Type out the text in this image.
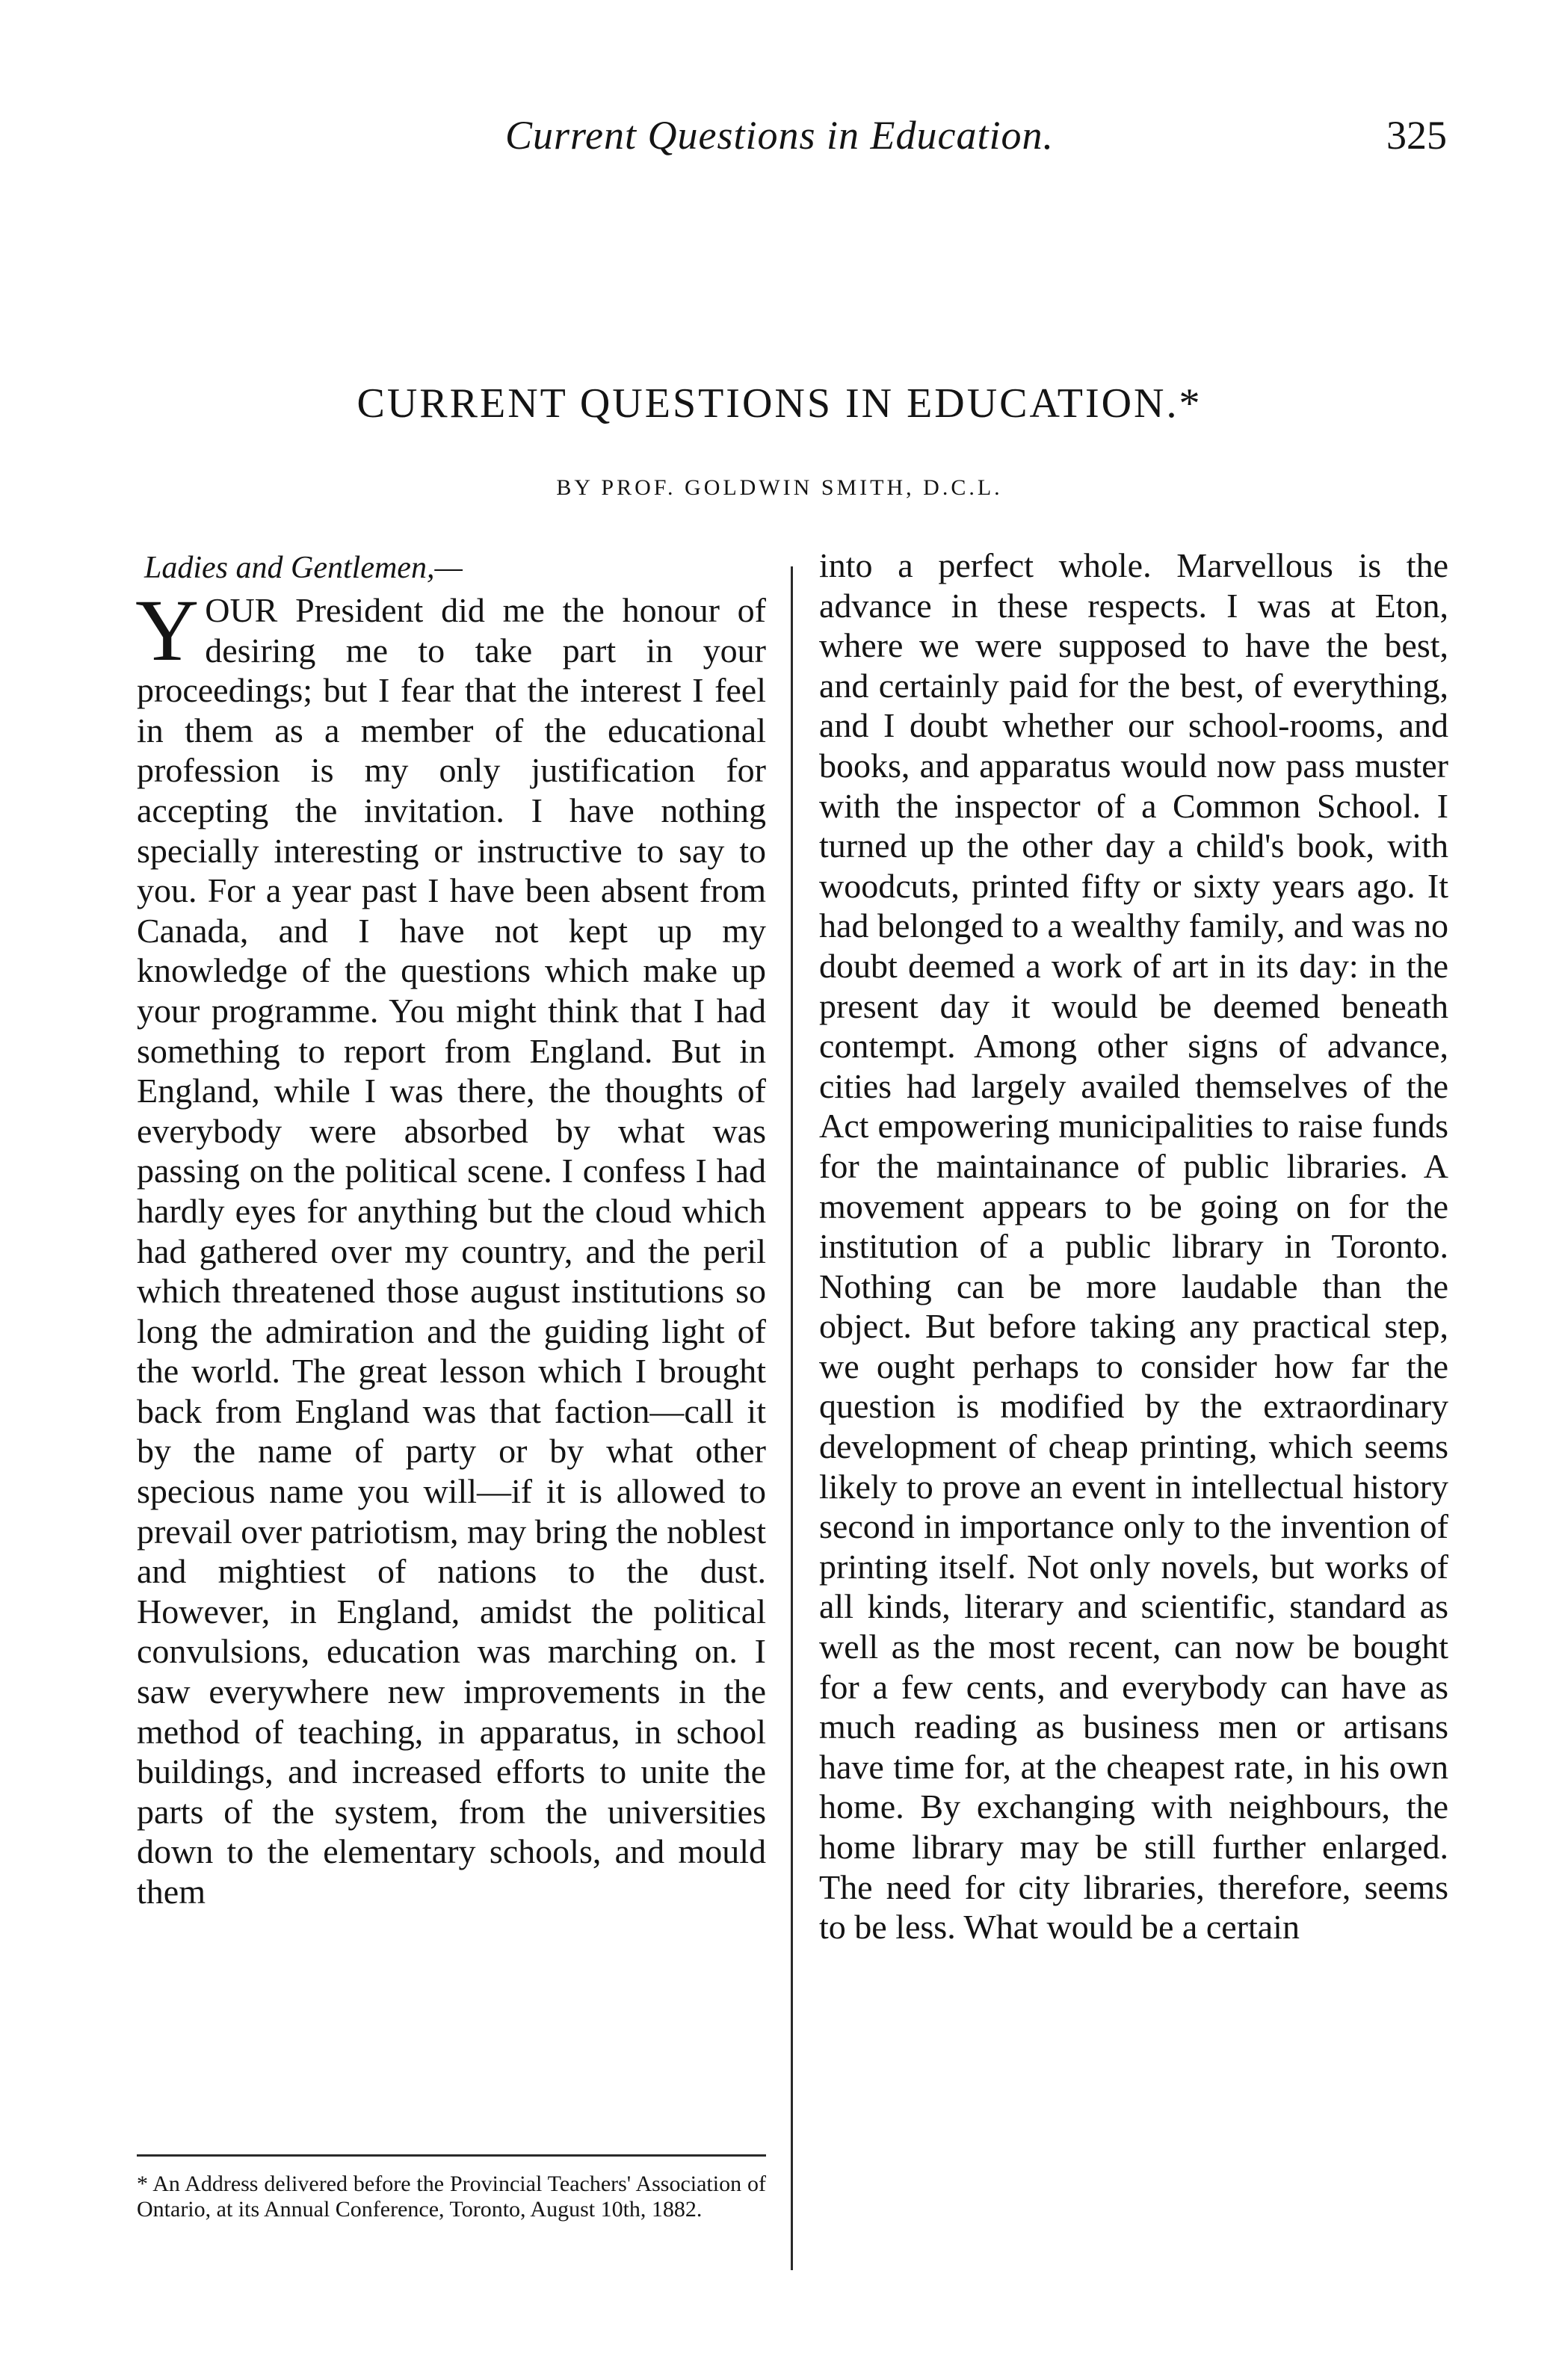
Current Questions in Education.	325
CURRENT QUESTIONS IN EDUCATION.*
BY PROF. GOLDWIN SMITH, D.C.L.
Ladies and Gentlemen,—
Y OUR President did me the honour of desiring me to take part in your proceedings; but I fear that the interest I feel in them as a member of the educational profession is my only justification for accepting the invitation. I have nothing specially interesting or instructive to say to you. For a year past I have been absent from Canada, and I have not kept up my knowledge of the questions which make up your programme. You might think that I had something to report from England. But in England, while I was there, the thoughts of everybody were absorbed by what was passing on the political scene. I confess I had hardly eyes for anything but the cloud which had gathered over my country, and the peril which threatened those august institutions so long the admiration and the guiding light of the world. The great lesson which I brought back from England was that faction—call it by the name of party or by what other specious name you will—if it is allowed to prevail over patriotism, may bring the noblest and mightiest of nations to the dust. However, in England, amidst the political convulsions, education was marching on. I saw everywhere new improvements in the method of teaching, in apparatus, in school buildings, and increased efforts to unite the parts of the system, from the universities down to the elementary schools, and mould them
into a perfect whole. Marvellous is the advance in these respects. I was at Eton, where we were supposed to have the best, and certainly paid for the best, of everything, and I doubt whether our school-rooms, and books, and apparatus would now pass muster with the inspector of a Common School. I turned up the other day a child's book, with woodcuts, printed fifty or sixty years ago. It had belonged to a wealthy family, and was no doubt deemed a work of art in its day: in the present day it would be deemed beneath contempt. Among other signs of advance, cities had largely availed themselves of the Act empowering municipalities to raise funds for the maintainance of public libraries. A movement appears to be going on for the institution of a public library in Toronto. Nothing can be more laudable than the object. But before taking any practical step, we ought perhaps to consider how far the question is modified by the extraordinary development of cheap printing, which seems likely to prove an event in intellectual history second in importance only to the invention of printing itself. Not only novels, but works of all kinds, literary and scientific, standard as well as the most recent, can now be bought for a few cents, and everybody can have as much reading as business men or artisans have time for, at the cheapest rate, in his own home. By exchanging with neighbours, the home library may be still further enlarged. The need for city libraries, therefore, seems to be less. What would be a certain
* An Address delivered before the Provincial Teachers' Association of Ontario, at its Annual Conference, Toronto, August 10th, 1882.
